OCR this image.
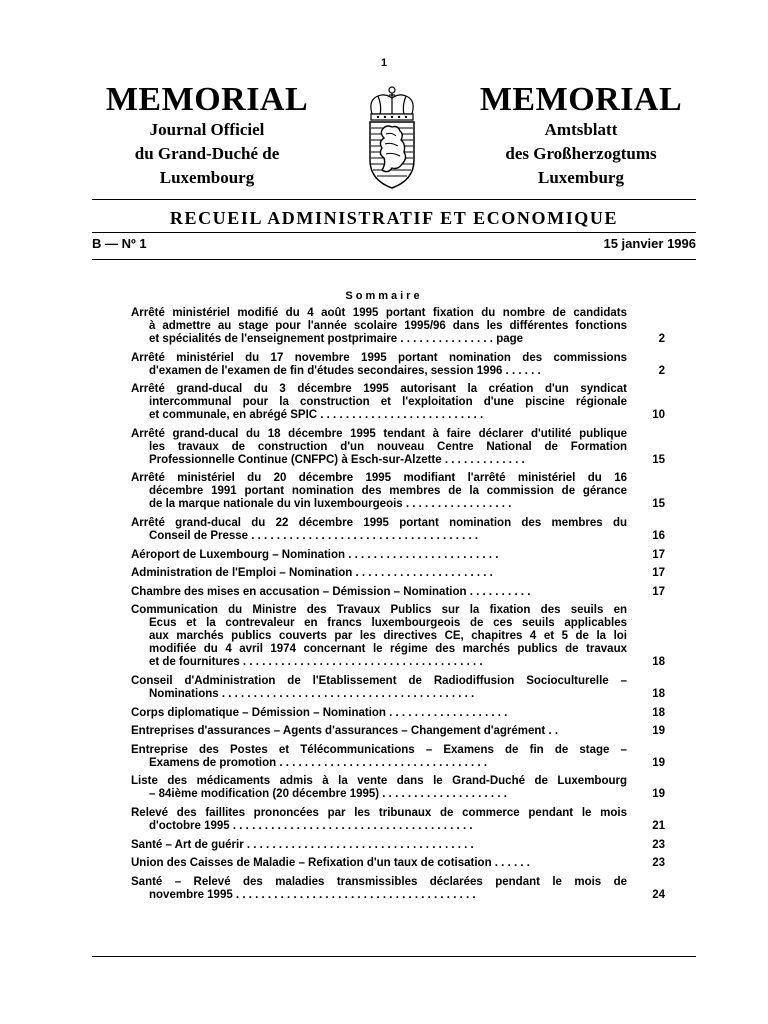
1
MEMORIAL
Journal Officiel
du Grand-Duché de
Luxembourg
MEMORIAL
Amtsblatt
des Großherzogtums
Luxemburg
RECUEIL ADMINISTRATIF ET ECONOMIQUE
B — Nº 1	15 janvier 1996
Sommaire
Arrêté ministériel modifié du 4 août 1995 portant fixation du nombre de candidats
à admettre au stage pour l'année scolaire 1995/96 dans les différentes fonctions
et spécialités de l'enseignement postprimaire . . . . . . . . . . . . . . . page	2
Arrêté ministériel du 17 novembre 1995 portant nomination des commissions
d'examen de l'examen de fin d'études secondaires, session 1996 . . . . . .	2
Arrêté grand-ducal du 3 décembre 1995 autorisant la création d'un syndicat
intercommunal pour la construction et l'exploitation d'une piscine régionale
et communale, en abrégé SPIC . . . . . . . . . . . . . . . . . . . . . . . . . .	10
Arrêté grand-ducal du 18 décembre 1995 tendant à faire déclarer d'utilité publique
les travaux de construction d'un nouveau Centre National de Formation
Professionnelle Continue (CNFPC) à Esch-sur-Alzette . . . . . . . . . . . . .	15
Arrêté ministériel du 20 décembre 1995 modifiant l'arrêté ministériel du 16
décembre 1991 portant nomination des membres de la commission de gérance
de la marque nationale du vin luxembourgeois . . . . . . . . . . . . . . . . .	15
Arrêté grand-ducal du 22 décembre 1995 portant nomination des membres du
Conseil de Presse . . . . . . . . . . . . . . . . . . . . . . . . . . . . . . . . . . . .	16
Aéroport de Luxembourg – Nomination . . . . . . . . . . . . . . . . . . . . . . . .	17
Administration de l'Emploi – Nomination . . . . . . . . . . . . . . . . . . . . . .	17
Chambre des mises en accusation – Démission – Nomination . . . . . . . . . .	17
Communication du Ministre des Travaux Publics sur la fixation des seuils en
Ecus et la contrevaleur en francs luxembourgeois de ces seuils applicables
aux marchés publics couverts par les directives CE, chapitres 4 et 5 de la loi
modifiée du 4 avril 1974 concernant le régime des marchés publics de travaux
et de fournitures . . . . . . . . . . . . . . . . . . . . . . . . . . . . . . . . . . . . . .	18
Conseil d'Administration de l'Etablissement de Radiodiffusion Socioculturelle –
Nominations . . . . . . . . . . . . . . . . . . . . . . . . . . . . . . . . . . . . . . . .	18
Corps diplomatique – Démission – Nomination . . . . . . . . . . . . . . . . . . .	18
Entreprises d'assurances – Agents d'assurances – Changement d'agrément . .	19
Entreprise des Postes et Télécommunications – Examens de fin de stage –
Examens de promotion . . . . . . . . . . . . . . . . . . . . . . . . . . . . . . . . .	19
Liste des médicaments admis à la vente dans le Grand-Duché de Luxembourg
– 84ième modification (20 décembre 1995) . . . . . . . . . . . . . . . . . . . .	19
Relevé des faillites prononcées par les tribunaux de commerce pendant le mois
d'octobre 1995 . . . . . . . . . . . . . . . . . . . . . . . . . . . . . . . . . . . . . .	21
Santé – Art de guérir . . . . . . . . . . . . . . . . . . . . . . . . . . . . . . . . . . . .	23
Union des Caisses de Maladie – Refixation d'un taux de cotisation . . . . . .	23
Santé – Relevé des maladies transmissibles déclarées pendant le mois de
novembre 1995 . . . . . . . . . . . . . . . . . . . . . . . . . . . . . . . . . . . . . .	24
